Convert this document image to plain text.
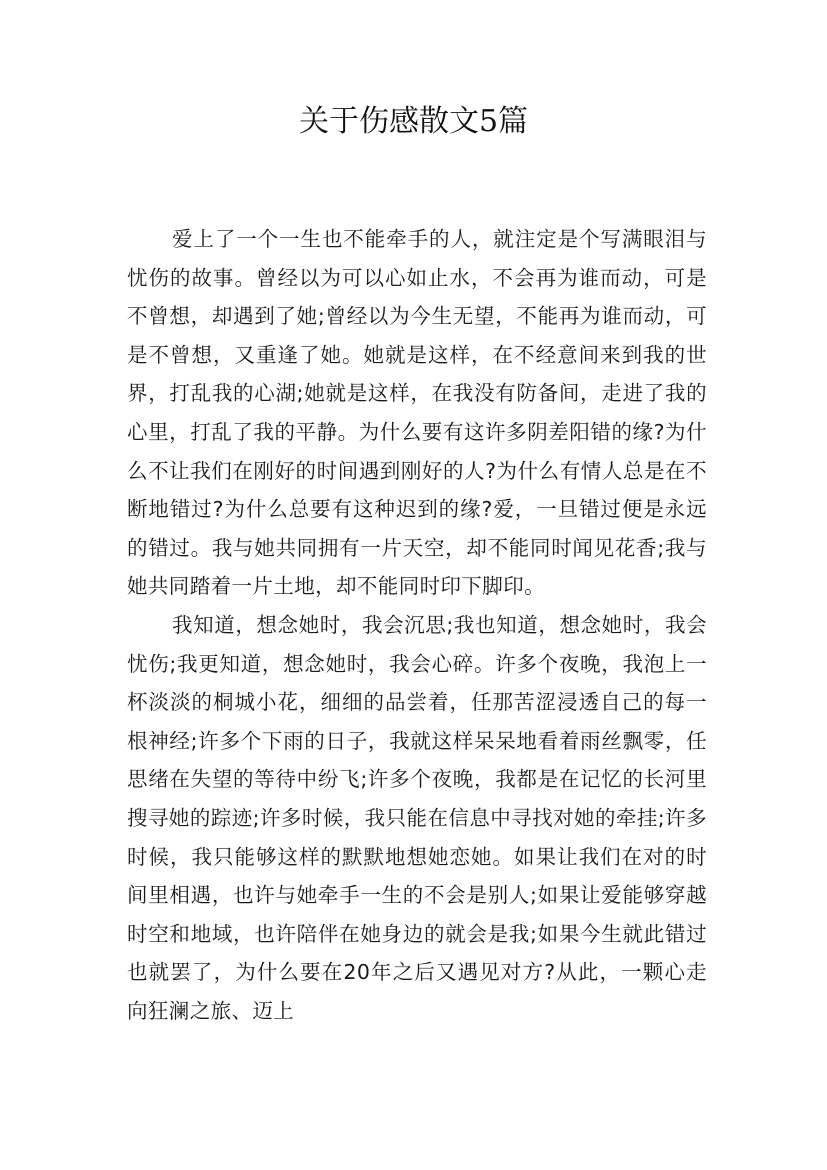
关于伤感散文5篇

爱上了一个一生也不能牵手的人，就注定是个写满眼泪与忧伤的故事。曾经以为可以心如止水，不会再为谁而动，可是不曾想，却遇到了她;曾经以为今生无望，不能再为谁而动，可是不曾想，又重逢了她。她就是这样，在不经意间来到我的世界，打乱我的心湖;她就是这样，在我没有防备间，走进了我的心里，打乱了我的平静。为什么要有这许多阴差阳错的缘?为什么不让我们在刚好的时间遇到刚好的人?为什么有情人总是在不断地错过?为什么总要有这种迟到的缘?爱，一旦错过便是永远的错过。我与她共同拥有一片天空，却不能同时闻见花香;我与她共同踏着一片土地，却不能同时印下脚印。

我知道，想念她时，我会沉思;我也知道，想念她时，我会忧伤;我更知道，想念她时，我会心碎。许多个夜晚，我泡上一杯淡淡的桐城小花，细细的品尝着，任那苦涩浸透自己的每一根神经;许多个下雨的日子，我就这样呆呆地看着雨丝飘零，任思绪在失望的等待中纷飞;许多个夜晚，我都是在记忆的长河里搜寻她的踪迹;许多时候，我只能在信息中寻找对她的牵挂;许多时候，我只能够这样的默默地想她恋她。如果让我们在对的时间里相遇，也许与她牵手一生的不会是别人;如果让爱能够穿越时空和地域，也许陪伴在她身边的就会是我;如果今生就此错过也就罢了，为什么要在20年之后又遇见对方?从此，一颗心走向狂澜之旅、迈上
